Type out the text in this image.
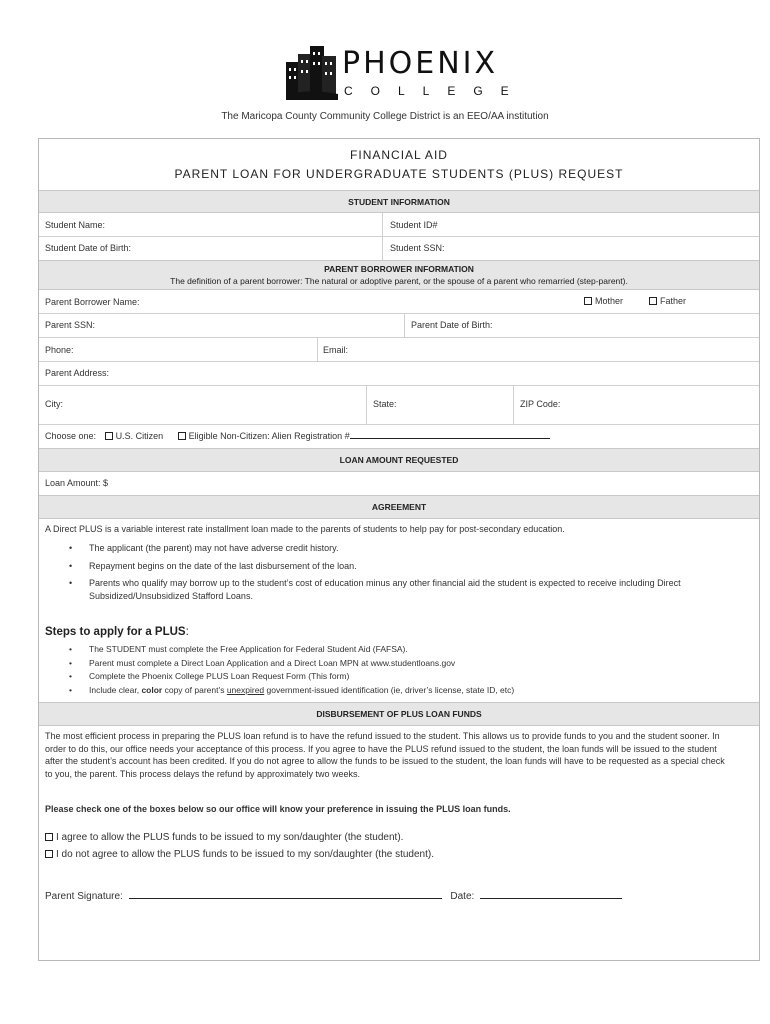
PHOENIX
COLLEGE
The Maricopa County Community College District is an EEO/AA institution
FINANCIAL AID
PARENT LOAN FOR UNDERGRADUATE STUDENTS (PLUS) REQUEST
STUDENT INFORMATION
Student Name:	Student ID#
Student Date of Birth:	Student SSN:
PARENT BORROWER INFORMATION
The definition of a parent borrower: The natural or adoptive parent, or the spouse of a parent who remarried (step-parent).
Parent Borrower Name:	Mother	Father
Parent SSN:	Parent Date of Birth:
Phone:	Email:
Parent Address:
City:	State:	ZIP Code:
Choose one: U.S. Citizen	Eligible Non-Citizen: Alien Registration #
LOAN AMOUNT REQUESTED
Loan Amount: $
AGREEMENT
A Direct PLUS is a variable interest rate installment loan made to the parents of students to help pay for post-secondary education.
• The applicant (the parent) may not have adverse credit history.
• Repayment begins on the date of the last disbursement of the loan.
• Parents who qualify may borrow up to the student’s cost of education minus any other financial aid the student is expected to receive including Direct Subsidized/Unsubsidized Stafford Loans.
Steps to apply for a PLUS:
• The STUDENT must complete the Free Application for Federal Student Aid (FAFSA).
• Parent must complete a Direct Loan Application and a Direct Loan MPN at www.studentloans.gov
• Complete the Phoenix College PLUS Loan Request Form (This form)
• Include clear, color copy of parent’s unexpired government-issued identification (ie, driver’s license, state ID, etc)
DISBURSEMENT OF PLUS LOAN FUNDS
The most efficient process in preparing the PLUS loan refund is to have the refund issued to the student. This allows us to provide funds to you and the student sooner. In order to do this, our office needs your acceptance of this process. If you agree to have the PLUS refund issued to the student, the loan funds will be issued to the student after the student’s account has been credited. If you do not agree to allow the funds to be issued to the student, the loan funds will have to be requested as a special check to you, the parent. This process delays the refund by approximately two weeks.
Please check one of the boxes below so our office will know your preference in issuing the PLUS loan funds.
I agree to allow the PLUS funds to be issued to my son/daughter (the student).
I do not agree to allow the PLUS funds to be issued to my son/daughter (the student).
Parent Signature:	Date:
